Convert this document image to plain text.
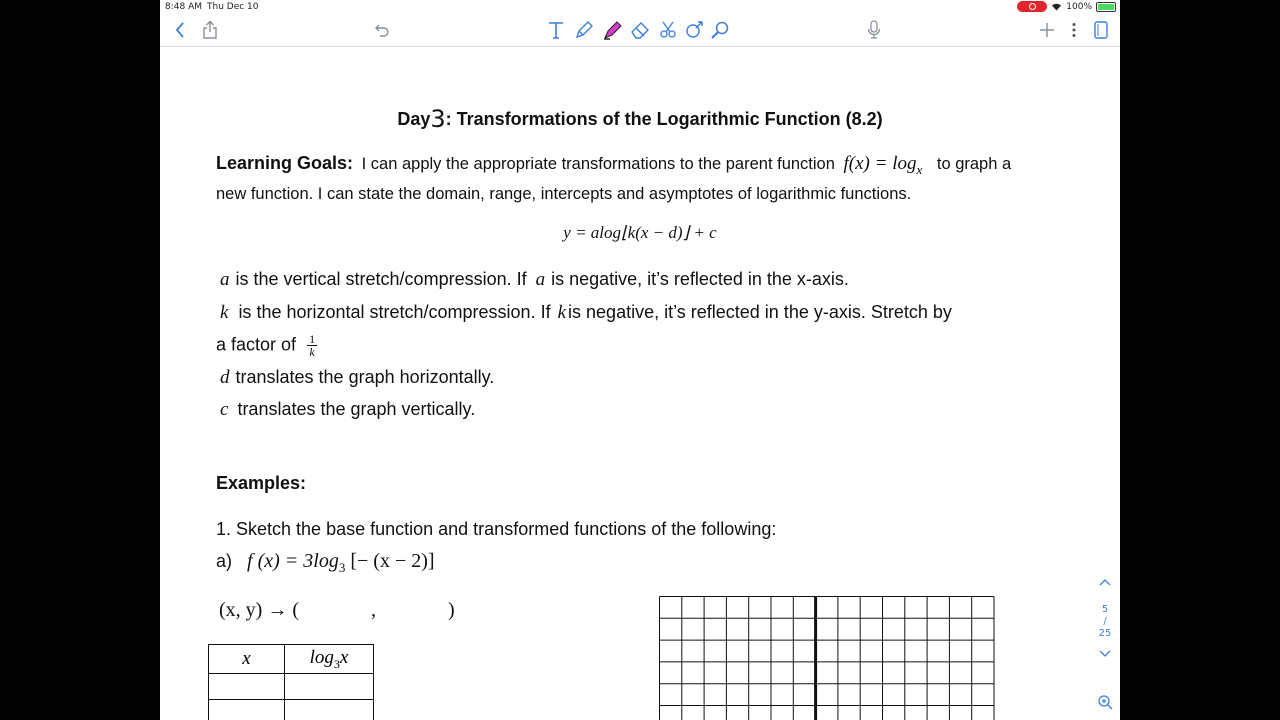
8:48 AM Thu Dec 10	100%
Day3: Transformations of the Logarithmic Function (8.2)
Learning Goals: I can apply the appropriate transformations to the parent function $f(x) = \log_x$ to graph a
new function. I can state the domain, range, intercepts and asymptotes of logarithmic functions.
y = alog⌊k(x − d)⌋ + c
a is the vertical stretch/compression. If a is negative, it’s reflected in the x-axis.
k is the horizontal stretch/compression. If k is negative, it’s reflected in the y-axis. Stretch by
a factor of $\frac{1}{k}$
d translates the graph horizontally.
c translates the graph vertically.
Examples:
1. Sketch the base function and transformed functions of the following:
a) f $(x) = 3\log_3$ [− (x − 2)]
(x, y) → (	,	)
x	$\log_3x$

5
/
25
